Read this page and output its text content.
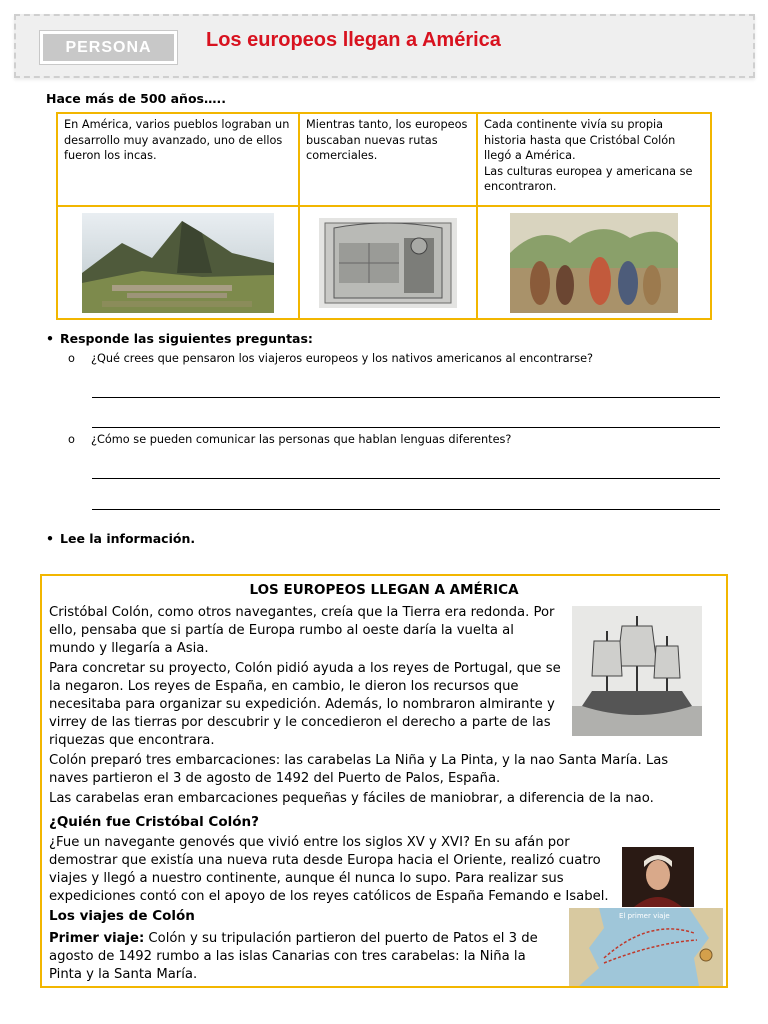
PERSONA	Los europeos llegan a América
Hace más de 500 años…..
En América, varios pueblos lograban un desarrollo muy avanzado, uno de ellos fueron los incas.
Mientras tanto, los europeos buscaban nuevas rutas comerciales.
Cada continente vivía su propia historia hasta que Cristóbal Colón llegó a América.
Las culturas europea y americana se encontraron.
• Responde las siguientes preguntas:
o ¿Qué crees que pensaron los viajeros europeos y los nativos americanos al encontrarse?
o ¿Cómo se pueden comunicar las personas que hablan lenguas diferentes?
• Lee la información.
LOS EUROPEOS LLEGAN A AMÉRICA
Cristóbal Colón, como otros navegantes, creía que la Tierra era redonda. Por ello, pensaba que si partía de Europa rumbo al oeste daría la vuelta al mundo y llegaría a Asia.
Para concretar su proyecto, Colón pidió ayuda a los reyes de Portugal, que se la negaron. Los reyes de España, en cambio, le dieron los recursos que necesitaba para organizar su expedición. Además, lo nombraron almirante y virrey de las tierras por descubrir y le concedieron el derecho a parte de las riquezas que encontrara.
Colón preparó tres embarcaciones: las carabelas La Niña y La Pinta, y la nao Santa María. Las naves partieron el 3 de agosto de 1492 del Puerto de Palos, España.
Las carabelas eran embarcaciones pequeñas y fáciles de maniobrar, a diferencia de la nao.
¿Quién fue Cristóbal Colón?
¿Fue un navegante genovés que vivió entre los siglos XV y XVI? En su afán por demostrar que existía una nueva ruta desde Europa hacia el Oriente, realizó cuatro viajes y llegó a nuestro continente, aunque él nunca lo supo. Para realizar sus expediciones contó con el apoyo de los reyes católicos de España Femando e Isabel.
Los viajes de Colón
Primer viaje: Colón y su tripulación partieron del puerto de Patos el 3 de agosto de 1492 rumbo a las islas Canarias con tres carabelas: la Niña la Pinta y la Santa María.
El primer viaje
